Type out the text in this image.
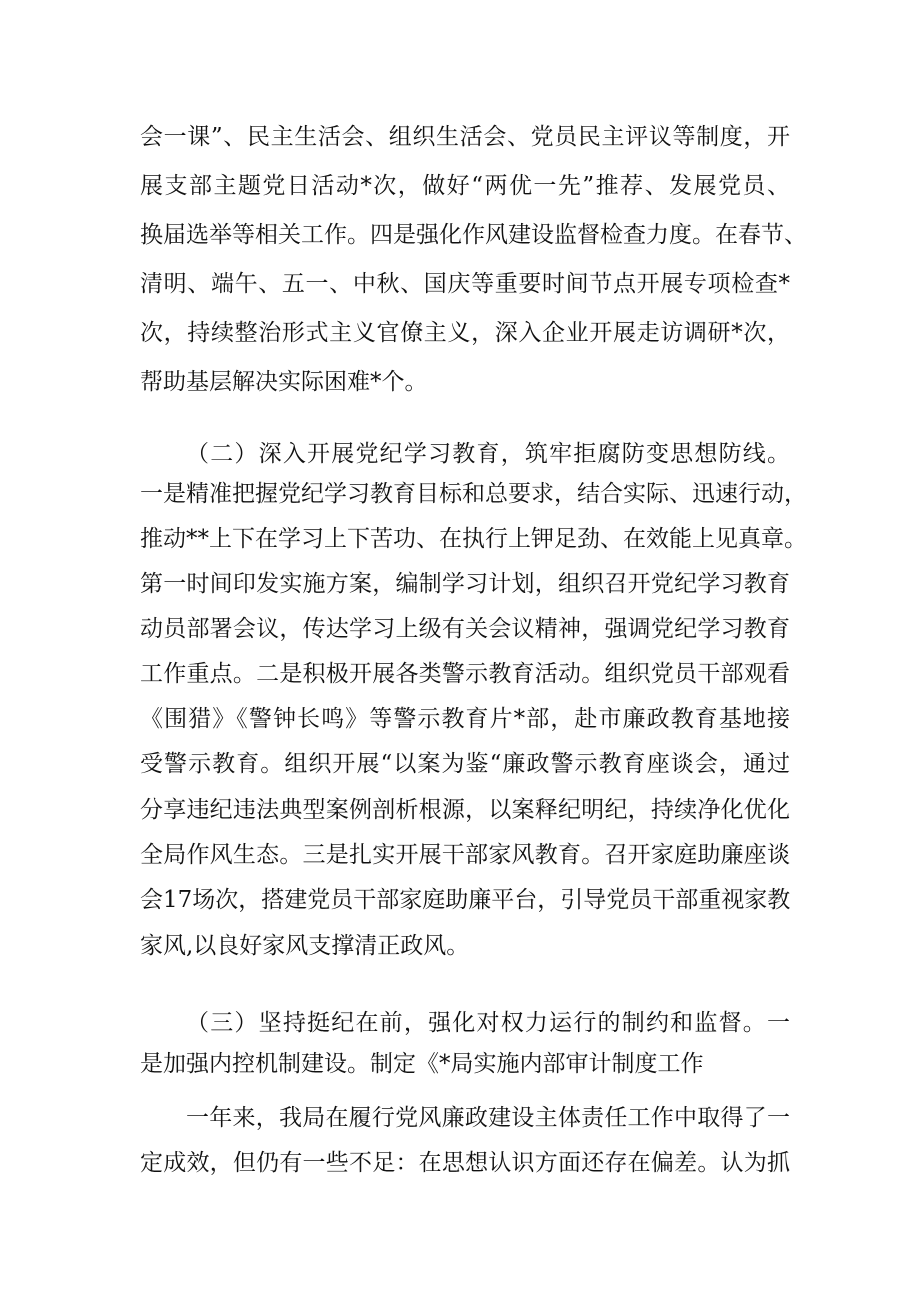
会一课”、民主生活会、组织生活会、党员民主评议等制度，开
展支部主题党日活动*次，做好“两优一先”推荐、发展党员、
换届选举等相关工作。四是强化作风建设监督检查力度。在春节、
清明、端午、五一、中秋、国庆等重要时间节点开展专项检查*
次，持续整治形式主义官僚主义，深入企业开展走访调研*次，
帮助基层解决实际困难*个。
（二）深入开展党纪学习教育，筑牢拒腐防变思想防线。
一是精准把握党纪学习教育目标和总要求，结合实际、迅速行动，
推动**上下在学习上下苦功、在执行上钾足劲、在效能上见真章。
第一时间印发实施方案，编制学习计划，组织召开党纪学习教育
动员部署会议，传达学习上级有关会议精神，强调党纪学习教育
工作重点。二是积极开展各类警示教育活动。组织党员干部观看
《围猎》《警钟长鸣》等警示教育片*部，赴市廉政教育基地接
受警示教育。组织开展“以案为鉴“廉政警示教育座谈会，通过
分享违纪违法典型案例剖析根源，以案释纪明纪，持续净化优化
全局作风生态。三是扎实开展干部家风教育。召开家庭助廉座谈
会17场次，搭建党员干部家庭助廉平台，引导党员干部重视家教
家风,以良好家风支撑清正政风。
（三）坚持挺纪在前，强化对权力运行的制约和监督。一
是加强内控机制建设。制定《*局实施内部审计制度工作
一年来，我局在履行党风廉政建设主体责任工作中取得了一
定成效，但仍有一些不足：在思想认识方面还存在偏差。认为抓
